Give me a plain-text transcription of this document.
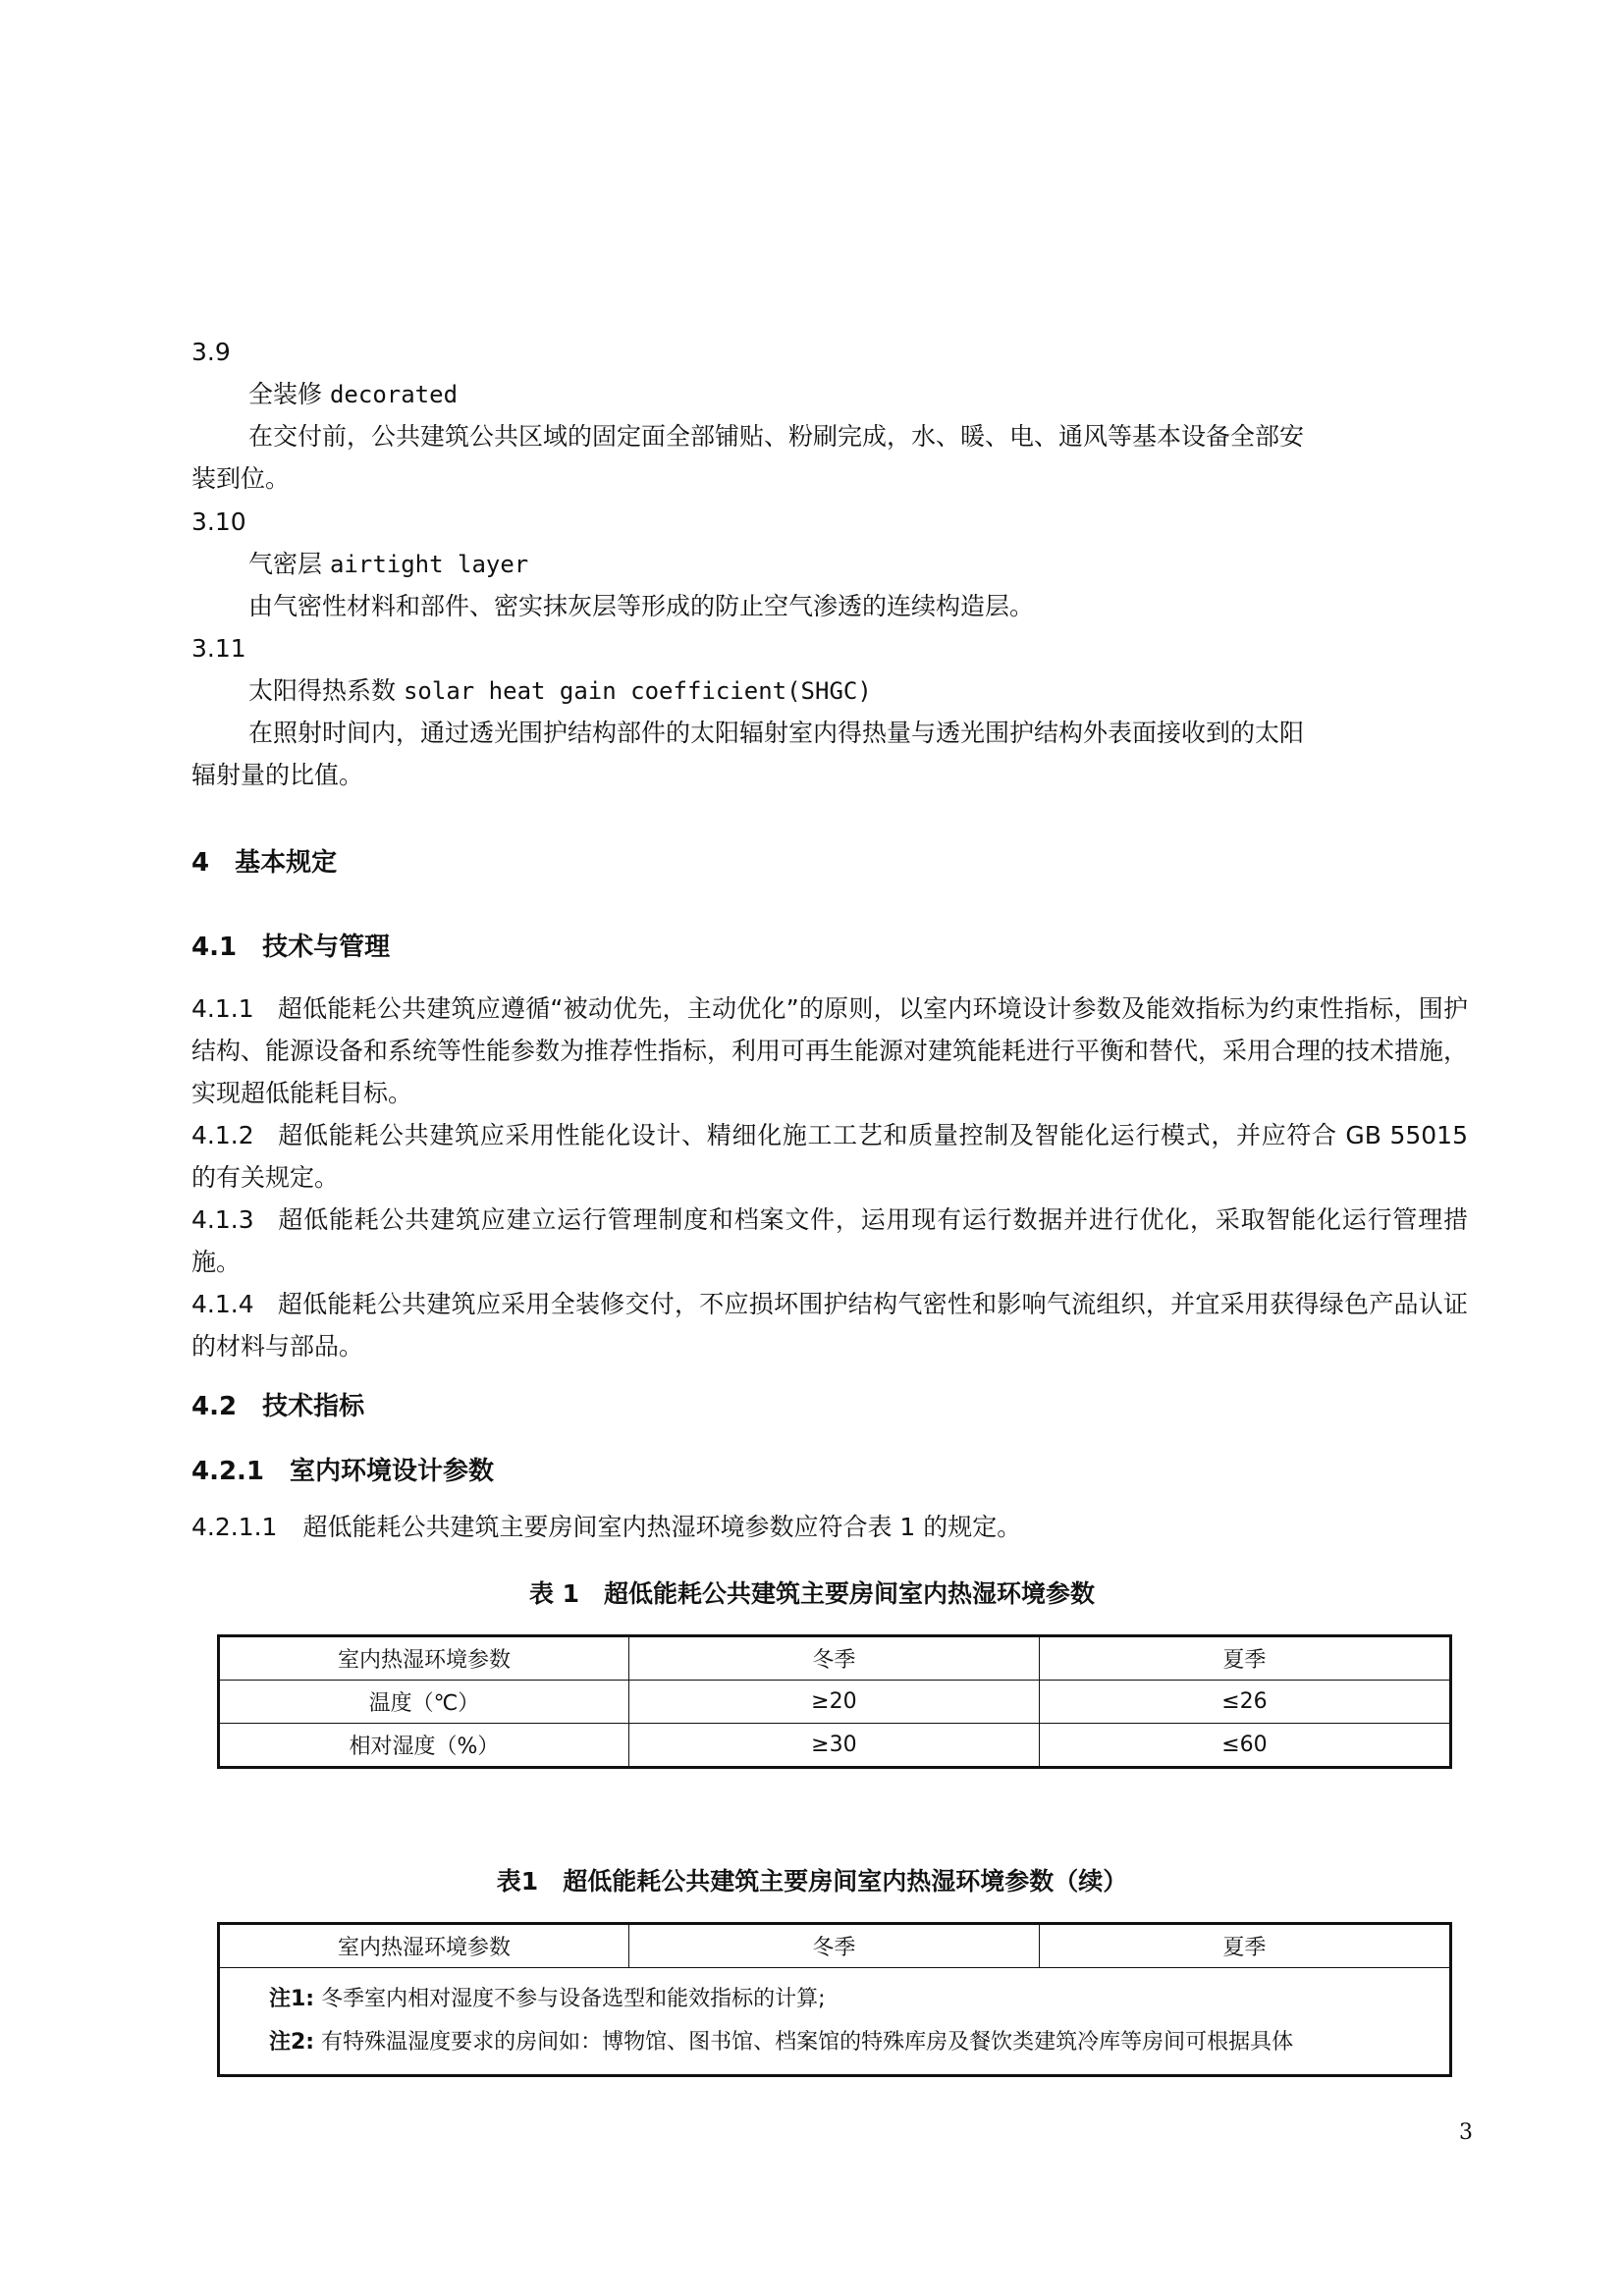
3.9
全装修 decorated
在交付前，公共建筑公共区域的固定面全部铺贴、粉刷完成，水、暖、电、通风等基本设备全部安
装到位。
3.10
气密层 airtight layer
由气密性材料和部件、密实抹灰层等形成的防止空气渗透的连续构造层。
3.11
太阳得热系数 solar heat gain coefficient(SHGC)
在照射时间内，通过透光围护结构部件的太阳辐射室内得热量与透光围护结构外表面接收到的太阳
辐射量的比值。
4 基本规定
4.1 技术与管理
4.1.1 超低能耗公共建筑应遵循“被动优先，主动优化”的原则，以室内环境设计参数及能效指标为约束性指标，围护结构、能源设备和系统等性能参数为推荐性指标，利用可再生能源对建筑能耗进行平衡和替代，采用合理的技术措施，实现超低能耗目标。
4.1.2 超低能耗公共建筑应采用性能化设计、精细化施工工艺和质量控制及智能化运行模式，并应符合 GB 55015 的有关规定。
4.1.3 超低能耗公共建筑应建立运行管理制度和档案文件，运用现有运行数据并进行优化，采取智能化运行管理措施。
4.1.4 超低能耗公共建筑应采用全装修交付，不应损坏围护结构气密性和影响气流组织，并宜采用获得绿色产品认证的材料与部品。
4.2 技术指标
4.2.1 室内环境设计参数
4.2.1.1 超低能耗公共建筑主要房间室内热湿环境参数应符合表 1 的规定。
表 1　超低能耗公共建筑主要房间室内热湿环境参数
室内热湿环境参数	冬季	夏季
温度（℃）	≥20	≤26
相对湿度（%）	≥30	≤60
表1　超低能耗公共建筑主要房间室内热湿环境参数（续）
室内热湿环境参数	冬季	夏季

注1: 冬季室内相对湿度不参与设备选型和能效指标的计算;
注2: 有特殊温湿度要求的房间如：博物馆、图书馆、档案馆的特殊库房及餐饮类建筑冷库等房间可根据具体
3
